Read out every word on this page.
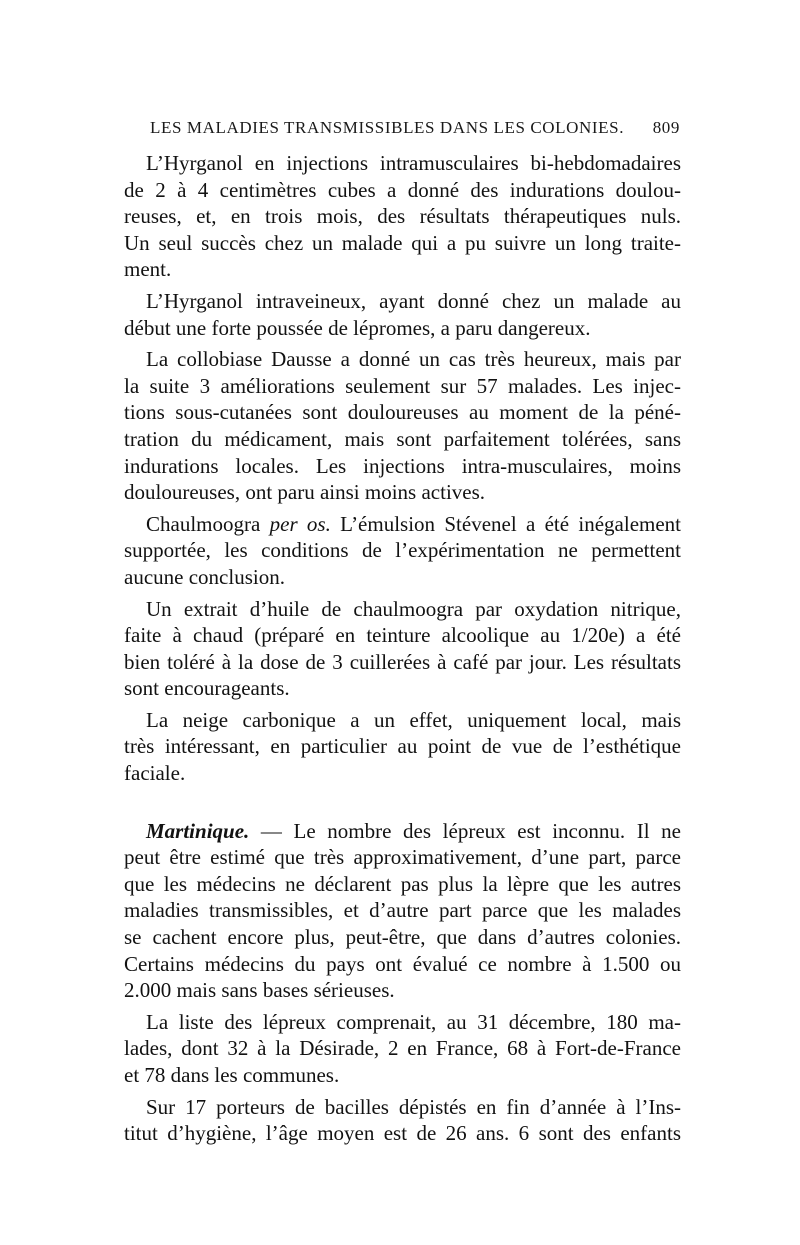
LES MALADIES TRANSMISSIBLES DANS LES COLONIES. 809
L’Hyrganol en injections intramusculaires bi-hebdomadaires
de 2 à 4 centimètres cubes a donné des indurations doulou-
reuses, et, en trois mois, des résultats thérapeutiques nuls.
Un seul succès chez un malade qui a pu suivre un long traite-
ment.
L’Hyrganol intraveineux, ayant donné chez un malade au
début une forte poussée de lépromes, a paru dangereux.
La collobiase Dausse a donné un cas très heureux, mais par
la suite 3 améliorations seulement sur 57 malades. Les injec-
tions sous-cutanées sont douloureuses au moment de la péné-
tration du médicament, mais sont parfaitement tolérées, sans
indurations locales. Les injections intra-musculaires, moins
douloureuses, ont paru ainsi moins actives.
Chaulmoogra per os. L’émulsion Stévenel a été inégalement
supportée, les conditions de l’expérimentation ne permettent
aucune conclusion.
Un extrait d’huile de chaulmoogra par oxydation nitrique,
faite à chaud (préparé en teinture alcoolique au 1/20e) a été
bien toléré à la dose de 3 cuillerées à café par jour. Les résultats
sont encourageants.
La neige carbonique a un effet, uniquement local, mais
très intéressant, en particulier au point de vue de l’esthétique
faciale.
Martinique. — Le nombre des lépreux est inconnu. Il ne
peut être estimé que très approximativement, d’une part, parce
que les médecins ne déclarent pas plus la lèpre que les autres
maladies transmissibles, et d’autre part parce que les malades
se cachent encore plus, peut-être, que dans d’autres colonies.
Certains médecins du pays ont évalué ce nombre à 1.500 ou
2.000 mais sans bases sérieuses.
La liste des lépreux comprenait, au 31 décembre, 180 ma-
lades, dont 32 à la Désirade, 2 en France, 68 à Fort-de-France
et 78 dans les communes.
Sur 17 porteurs de bacilles dépistés en fin d’année à l’Ins-
titut d’hygiène, l’âge moyen est de 26 ans. 6 sont des enfants
